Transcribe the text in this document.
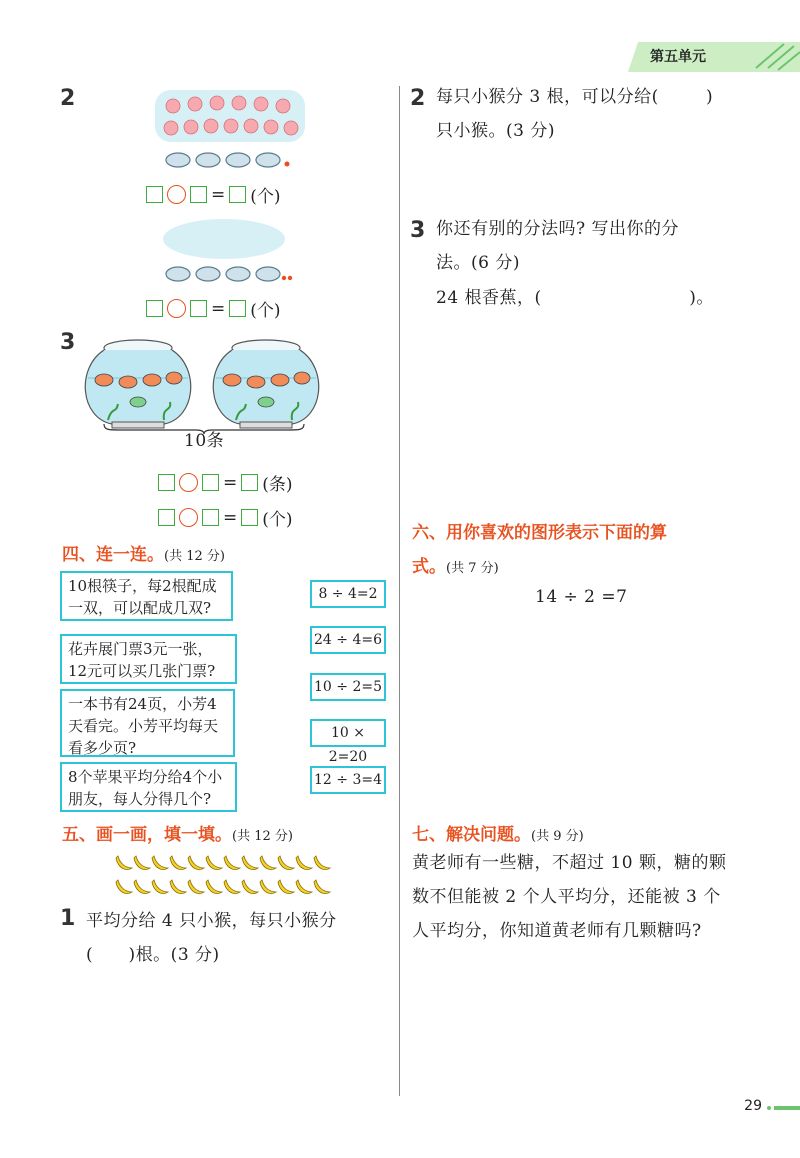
第五单元
2
= (个)
= (个)
3
10条
= (条)
= (个)
四、连一连。(共 12 分)
10根筷子，每2根配成一双，可以配成几双?
花卉展门票3元一张，12元可以买几张门票?
一本书有24页，小芳4天看完。小芳平均每天看多少页?
8个苹果平均分给4个小朋友，每人分得几个?
8 ÷ 4=2
24 ÷ 4=6
10 ÷ 2=5
10 × 2=20
12 ÷ 3=4
五、画一画，填一填。(共 12 分)
1 平均分给 4 只小猴，每只小猴分
(      )根。(3 分)
2 每只小猴分 3 根，可以分给(        )
只小猴。(3 分)
3 你还有别的分法吗? 写出你的分
法。(6 分)
24 根香蕉，(                         )。
六、用你喜欢的图形表示下面的算
式。(共 7 分)
14 ÷ 2 =7
七、解决问题。(共 9 分)
黄老师有一些糖，不超过 10 颗，糖的颗
数不但能被 2 个人平均分，还能被 3 个
人平均分，你知道黄老师有几颗糖吗?
29
